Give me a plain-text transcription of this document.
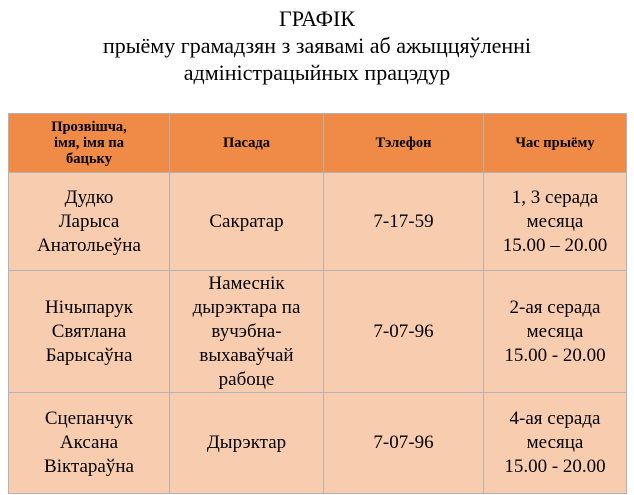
ГРАФІК
прыёму грамадзян з заявамі аб ажыццяўленні
адміністрацыйных працэдур
Прозвішча,
імя, імя па
бацьку	Пасада	Тэлефон	Час прыёму

Дудко
Ларыса
Анатольеўна	Сакратар	7-17-59	1, 3 серада
месяца
15.00 – 20.00

Нічыпарук
Святлана
Барысаўна	Намеснік
дырэктара па
вучэбна-
выхаваўчай
рабоце	7-07-96	2-ая серада
месяца
15.00 - 20.00

Сцепанчук
Аксана
Віктараўна	Дырэктар	7-07-96	4-ая серада
месяца
15.00 - 20.00
